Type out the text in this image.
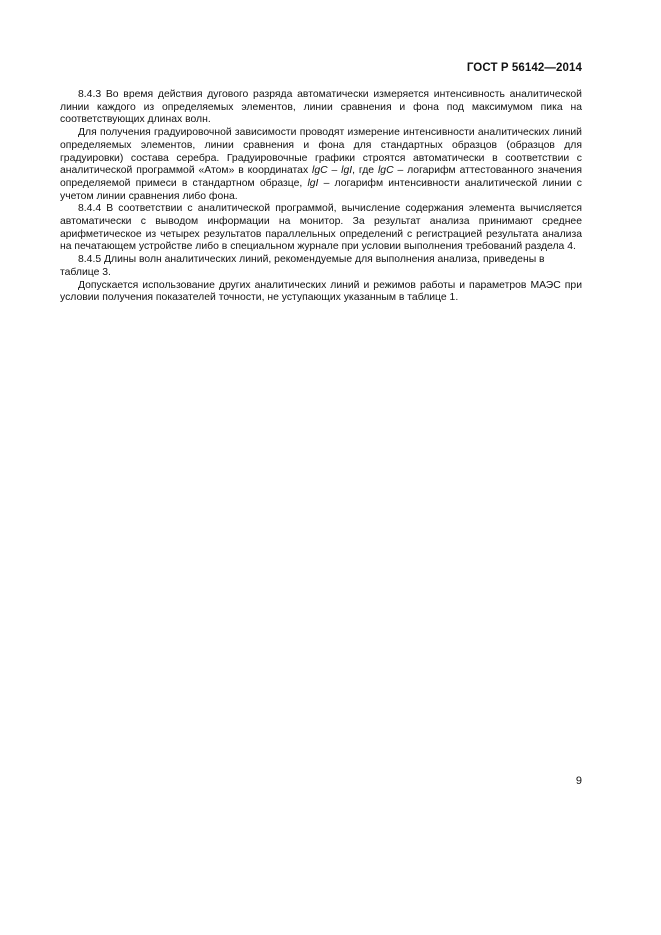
ГОСТ Р 56142—2014

8.4.3 Во время действия дугового разряда автоматически измеряется интенсивность аналитической линии каждого из определяемых элементов, линии сравнения и фона под максимумом пика на соответствующих длинах волн.

Для получения градуировочной зависимости проводят измерение интенсивности аналитических линий определяемых элементов, линии сравнения и фона для стандартных образцов (образцов для градуировки) состава серебра. Градуировочные графики строятся автоматически в соответствии с аналитической программой «Атом» в координатах lgC – lgI, где lgC – логарифм аттестованного значения определяемой примеси в стандартном образце, lgI – логарифм интенсивности аналитической линии с учетом линии сравнения либо фона.

8.4.4 В соответствии с аналитической программой, вычисление содержания элемента вычисляется автоматически с выводом информации на монитор. За результат анализа принимают среднее арифметическое из четырех результатов параллельных определений с регистрацией результата анализа на печатающем устройстве либо в специальном журнале при условии выполнения требований раздела 4.

8.4.5 Длины волн аналитических линий, рекомендуемые для выполнения анализа, приведены в таблице 3.

Допускается использование других аналитических линий и режимов работы и параметров МАЭС при условии получения показателей точности, не уступающих указанным в таблице 1.

9
